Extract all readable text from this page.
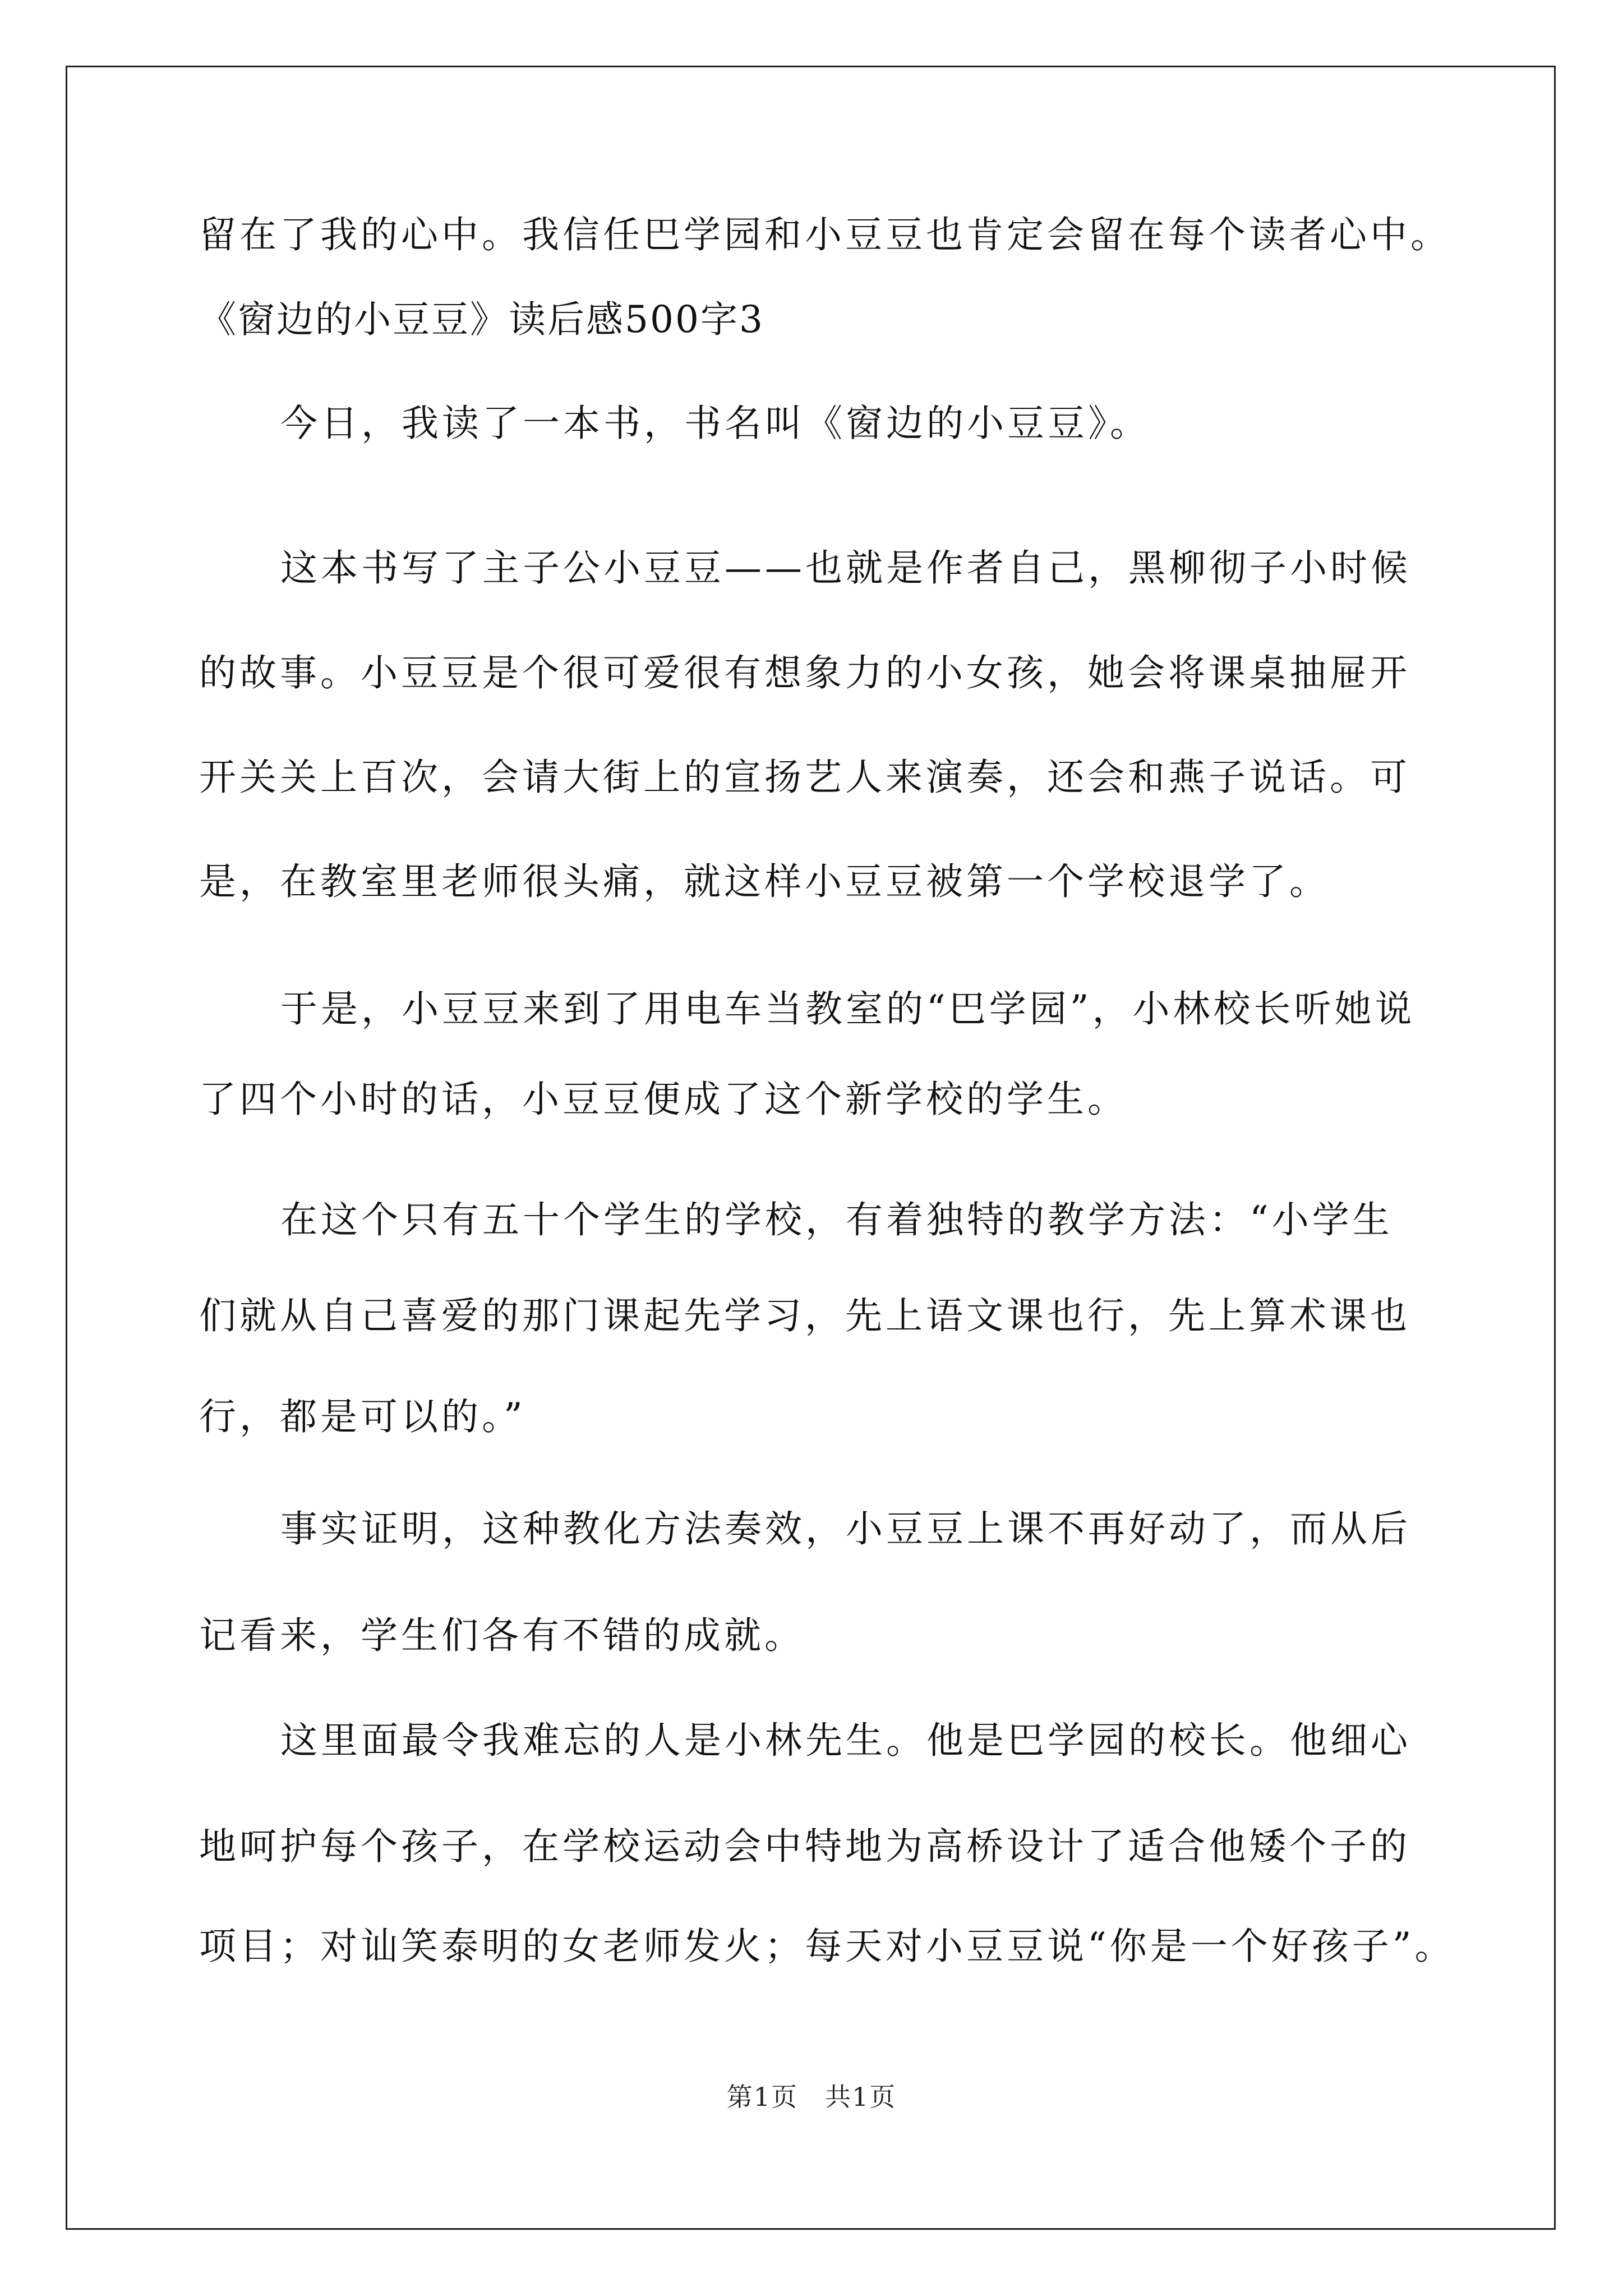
留在了我的心中。我信任巴学园和小豆豆也肯定会留在每个读者心中。
《窗边的小豆豆》读后感500字3
今日，我读了一本书，书名叫《窗边的小豆豆》。
这本书写了主子公小豆豆——也就是作者自己，黑柳彻子小时候
的故事。小豆豆是个很可爱很有想象力的小女孩，她会将课桌抽屉开
开关关上百次，会请大街上的宣扬艺人来演奏，还会和燕子说话。可
是，在教室里老师很头痛，就这样小豆豆被第一个学校退学了。
于是，小豆豆来到了用电车当教室的“巴学园”，小林校长听她说
了四个小时的话，小豆豆便成了这个新学校的学生。
在这个只有五十个学生的学校，有着独特的教学方法：“小学生
们就从自己喜爱的那门课起先学习，先上语文课也行，先上算术课也
行，都是可以的。”
事实证明，这种教化方法奏效，小豆豆上课不再好动了，而从后
记看来，学生们各有不错的成就。
这里面最令我难忘的人是小林先生。他是巴学园的校长。他细心
地呵护每个孩子，在学校运动会中特地为高桥设计了适合他矮个子的
项目；对讪笑泰明的女老师发火；每天对小豆豆说“你是一个好孩子”。
第1页　共1页
